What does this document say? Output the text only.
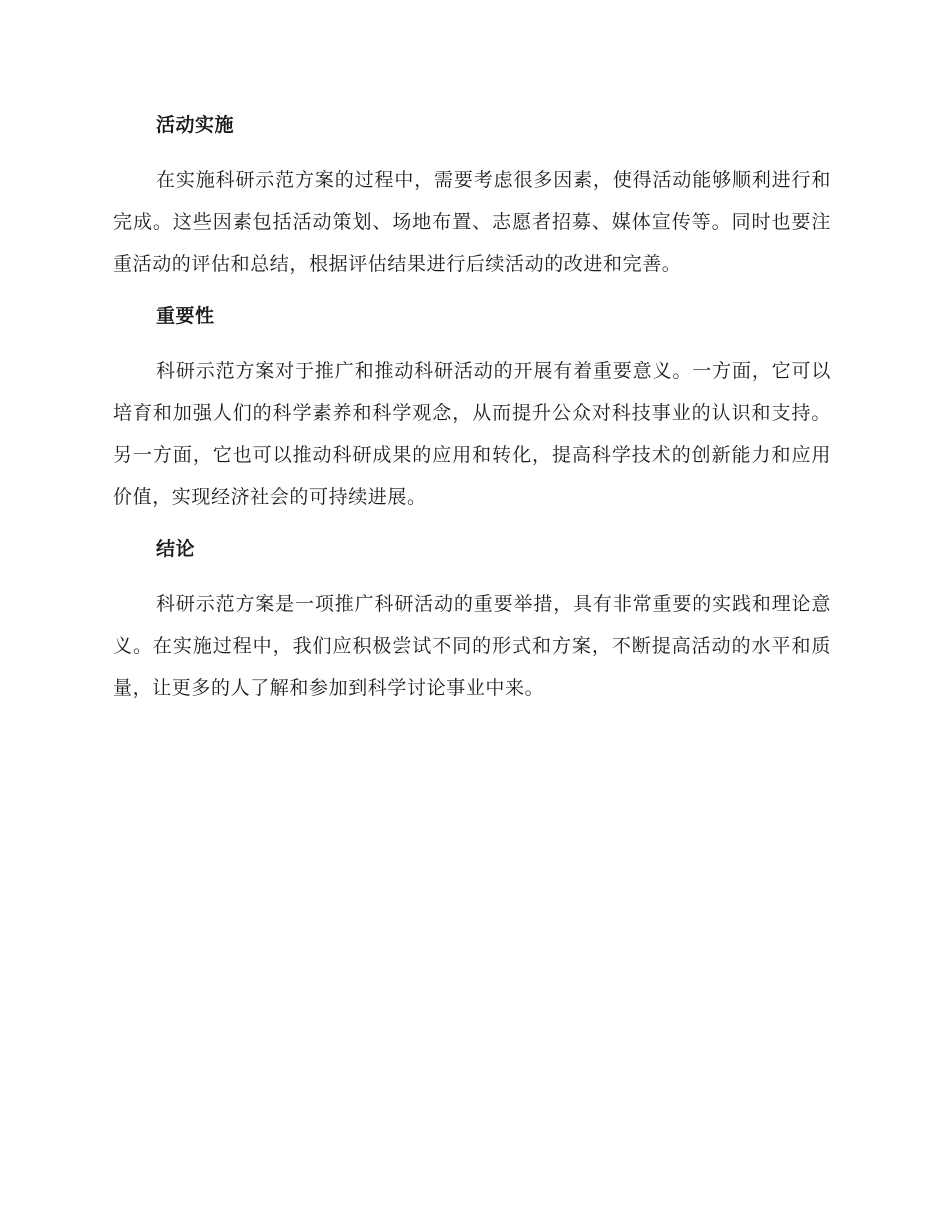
活动实施

在实施科研示范方案的过程中，需要考虑很多因素，使得活动能够顺利进行和完成。这些因素包括活动策划、场地布置、志愿者招募、媒体宣传等。同时也要注重活动的评估和总结，根据评估结果进行后续活动的改进和完善。

重要性

科研示范方案对于推广和推动科研活动的开展有着重要意义。一方面，它可以培育和加强人们的科学素养和科学观念，从而提升公众对科技事业的认识和支持。另一方面，它也可以推动科研成果的应用和转化，提高科学技术的创新能力和应用价值，实现经济社会的可持续进展。

结论

科研示范方案是一项推广科研活动的重要举措，具有非常重要的实践和理论意义。在实施过程中，我们应积极尝试不同的形式和方案，不断提高活动的水平和质量，让更多的人了解和参加到科学讨论事业中来。
